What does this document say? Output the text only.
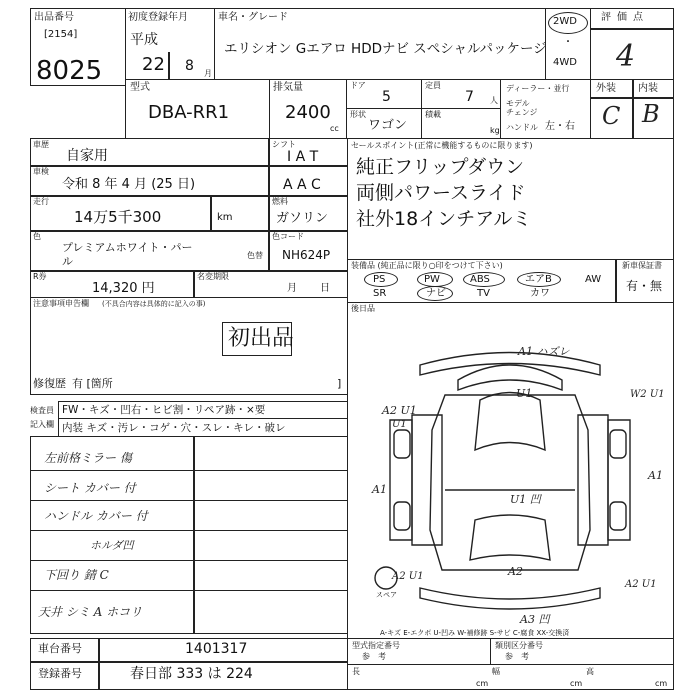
出品番号
[2154]
8025
初度登録年月
平成
22 8 月
車名・グレード
エリシオン Gエアロ HDDナビ スペシャルパッケージ
2WD
・
4WD
評価点
4
型式
DBA-RR1
排気量
2400
cc
ドア
5
定員
7 人
形状
ワゴン
積載
kg
ディーラー・並行
モデル
チェンジ
ハンドル 左・右
外装 内装
C B
車歴
自家用
シフト
I A T
車検
令和 8 年 4 月 (25 日)	A A C
走行
14万5千300	km
燃料
ガソリン
色
プレミアムホワイト・パー
ル	色替
色コード
NH624P
R券
14,320 円
名変期限
月 日
セールスポイント(正常に機能するものに限ります)
純正フリップダウン
両側パワースライド
社外18インチアルミ
装備品 (純正品に限り○印をつけて下さい)	新車保証書
有・無
PS	PW	ABS	エアB	AW
SR	ナビ	TV	カワ
注意事項申告欄 (不具合内容は具体的に記入の事)
初出品
修復歴 有 [箇所	]
後日品
検査員
記入欄
FW・キズ・凹右・ヒビ割・リペア跡・×要
内装 キズ・汚レ・コゲ・穴・スレ・キレ・破レ
左前格ミラー 傷
シート カバー 付
ハンドル カバー 付
ホルダ凹
下回り 錆 C
天井 シミ A ホコリ
A1 ハズレ
U1
U1
A2 U1
A1
U1 凹
W2 U1
A1
A2 U1	A2
A2 U1
A3 凹
スペア
A-キズ E-エクボ U-凹み W-補修跡 S-サビ C-腐食 XX-交換済
車台番号	1401317
登録番号	春日部 333 は 224
型式指定番号
参　考
類別区分番号
参　考
長
cm
幅
cm
高
cm
